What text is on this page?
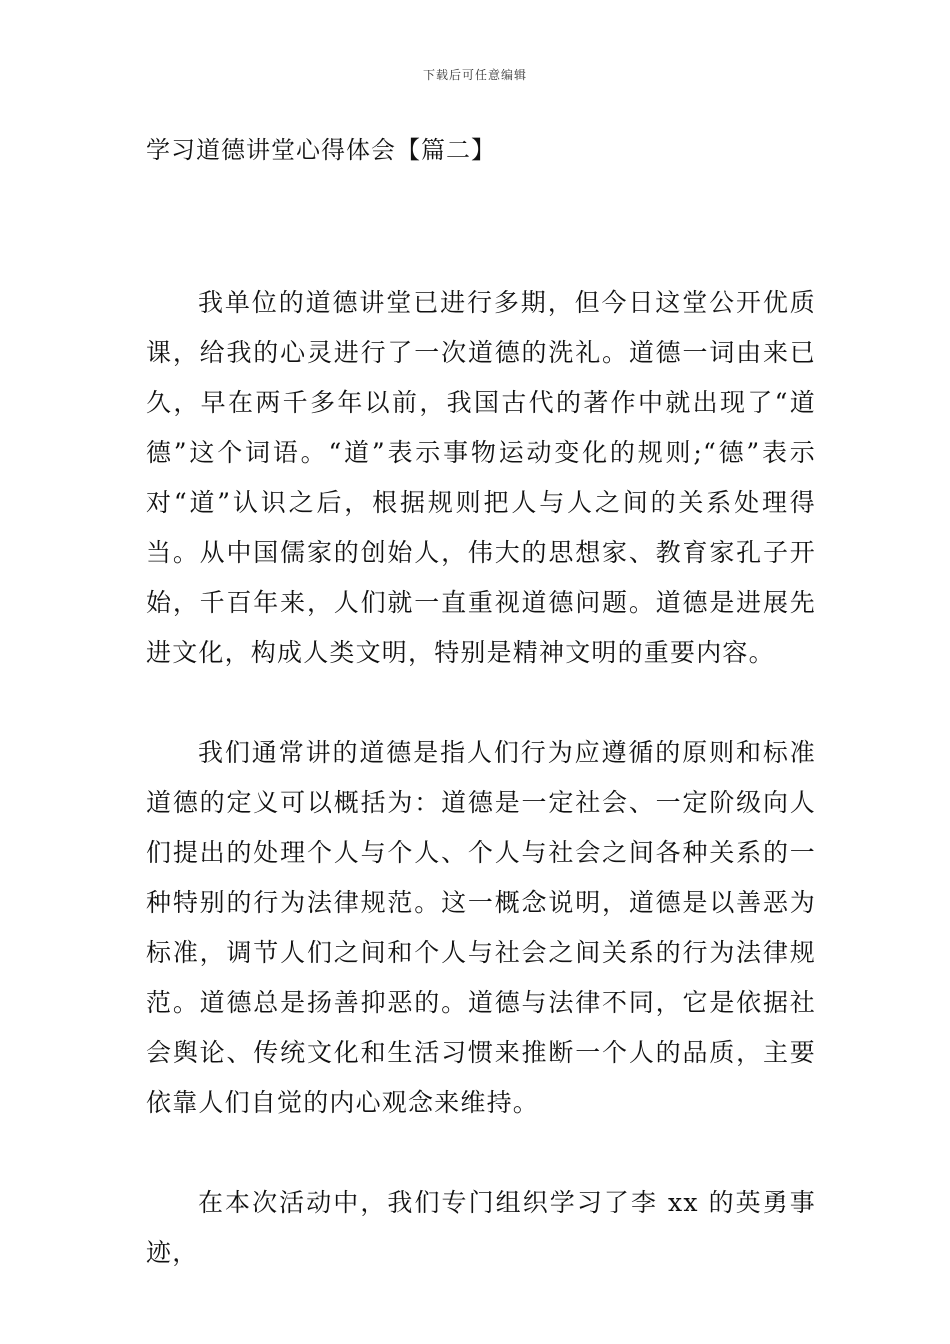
下载后可任意编辑
学习道德讲堂心得体会【篇二】

我单位的道德讲堂已进行多期，但今日这堂公开优质课，给我的心灵进行了一次道德的洗礼。道德一词由来已久，早在两千多年以前，我国古代的著作中就出现了“道德”这个词语。“道”表示事物运动变化的规则;“德”表示对“道”认识之后，根据规则把人与人之间的关系处理得当。从中国儒家的创始人，伟大的思想家、教育家孔子开始，千百年来，人们就一直重视道德问题。道德是进展先进文化，构成人类文明，特别是精神文明的重要内容。

我们通常讲的道德是指人们行为应遵循的原则和标准道德的定义可以概括为：道德是一定社会、一定阶级向人们提出的处理个人与个人、个人与社会之间各种关系的一种特别的行为法律规范。这一概念说明，道德是以善恶为标准，调节人们之间和个人与社会之间关系的行为法律规范。道德总是扬善抑恶的。道德与法律不同，它是依据社会舆论、传统文化和生活习惯来推断一个人的品质，主要依靠人们自觉的内心观念来维持。

在本次活动中，我们专门组织学习了李 xx 的英勇事迹，
